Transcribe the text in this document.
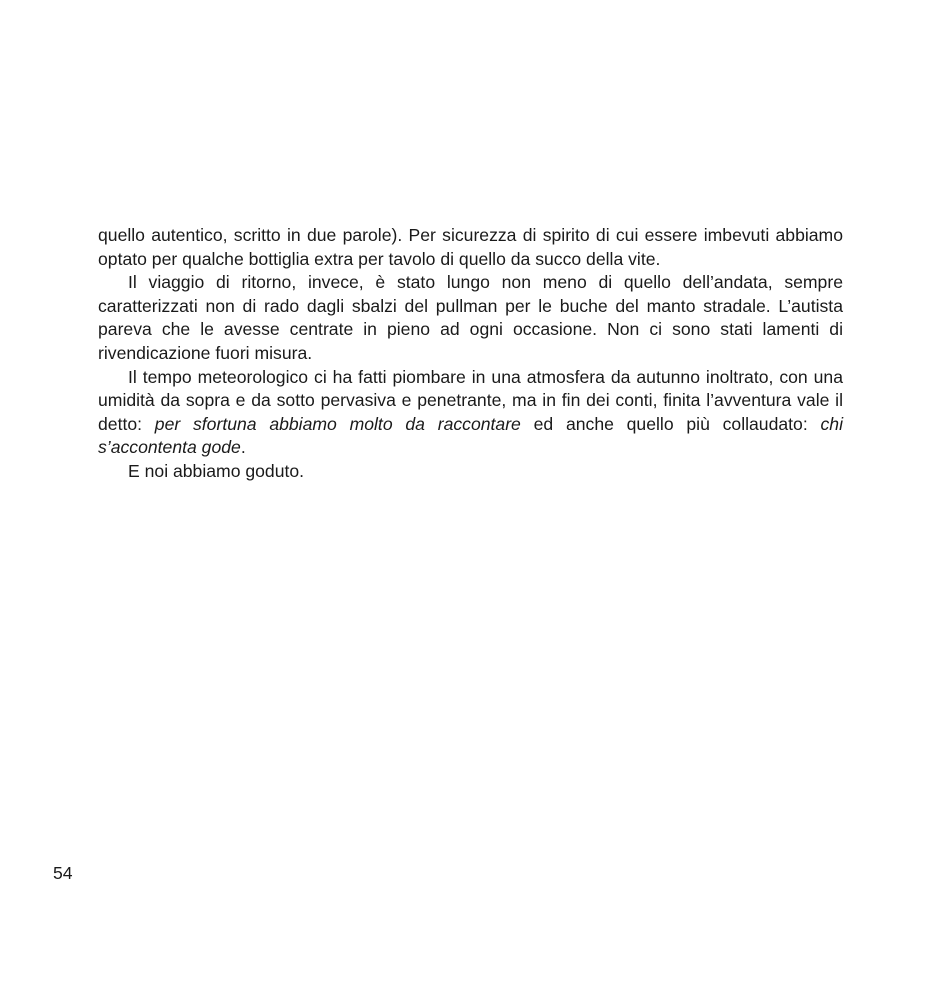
quello autentico, scritto in due parole). Per sicurezza di spirito di cui essere imbevuti abbiamo optato per qualche bottiglia extra per tavolo di quello da succo della vite.

Il viaggio di ritorno, invece, è stato lungo non meno di quello dell’andata, sempre caratterizzati non di rado dagli sbalzi del pullman per le buche del manto stradale. L’autista pareva che le avesse centrate in pieno ad ogni occasione. Non ci sono stati lamenti di rivendicazione fuori misura.

Il tempo meteorologico ci ha fatti piombare in una atmosfera da autunno inoltrato, con una umidità da sopra e da sotto pervasiva e penetrante, ma in fin dei conti, finita l’avventura vale il detto: per sfortuna abbiamo molto da raccontare ed anche quello più collaudato: chi s’accontenta gode.

E noi abbiamo goduto.

54
